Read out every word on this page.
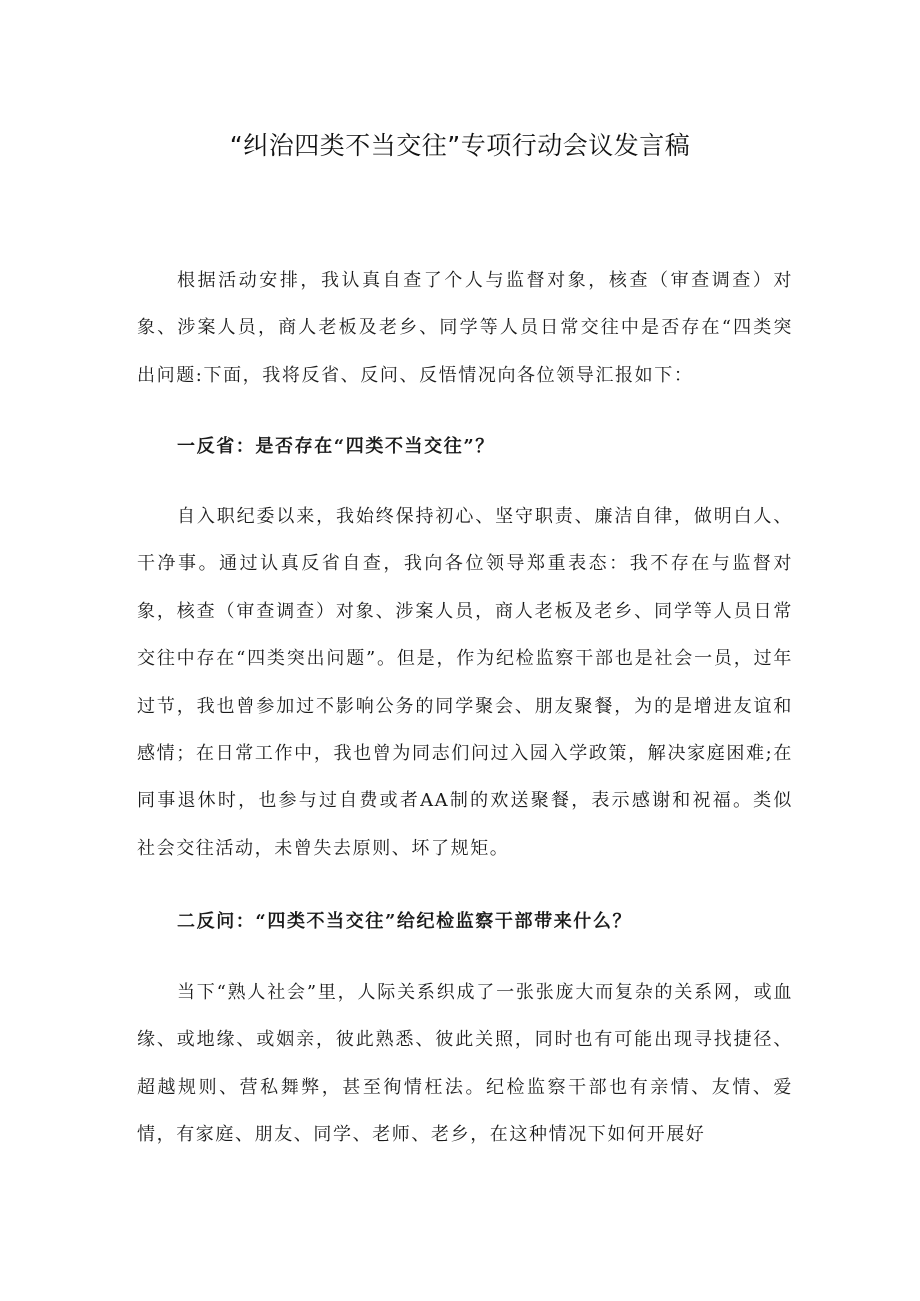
“纠治四类不当交往”专项行动会议发言稿

根据活动安排，我认真自查了个人与监督对象，核查（审查调查）对象、涉案人员，商人老板及老乡、同学等人员日常交往中是否存在“四类突出问题:下面，我将反省、反问、反悟情况向各位领导汇报如下：

一反省：是否存在“四类不当交往”？

自入职纪委以来，我始终保持初心、坚守职责、廉洁自律，做明白人、干净事。通过认真反省自查，我向各位领导郑重表态：我不存在与监督对象，核查（审查调查）对象、涉案人员，商人老板及老乡、同学等人员日常交往中存在“四类突出问题”。但是，作为纪检监察干部也是社会一员，过年过节，我也曾参加过不影响公务的同学聚会、朋友聚餐，为的是增进友谊和感情；在日常工作中，我也曾为同志们问过入园入学政策，解决家庭困难;在同事退休时，也参与过自费或者AA制的欢送聚餐，表示感谢和祝福。类似社会交往活动，未曾失去原则、坏了规矩。

二反问：“四类不当交往”给纪检监察干部带来什么？

当下“熟人社会”里，人际关系织成了一张张庞大而复杂的关系网，或血缘、或地缘、或姻亲，彼此熟悉、彼此关照，同时也有可能出现寻找捷径、超越规则、营私舞弊，甚至徇情枉法。纪检监察干部也有亲情、友情、爱情，有家庭、朋友、同学、老师、老乡，在这种情况下如何开展好
